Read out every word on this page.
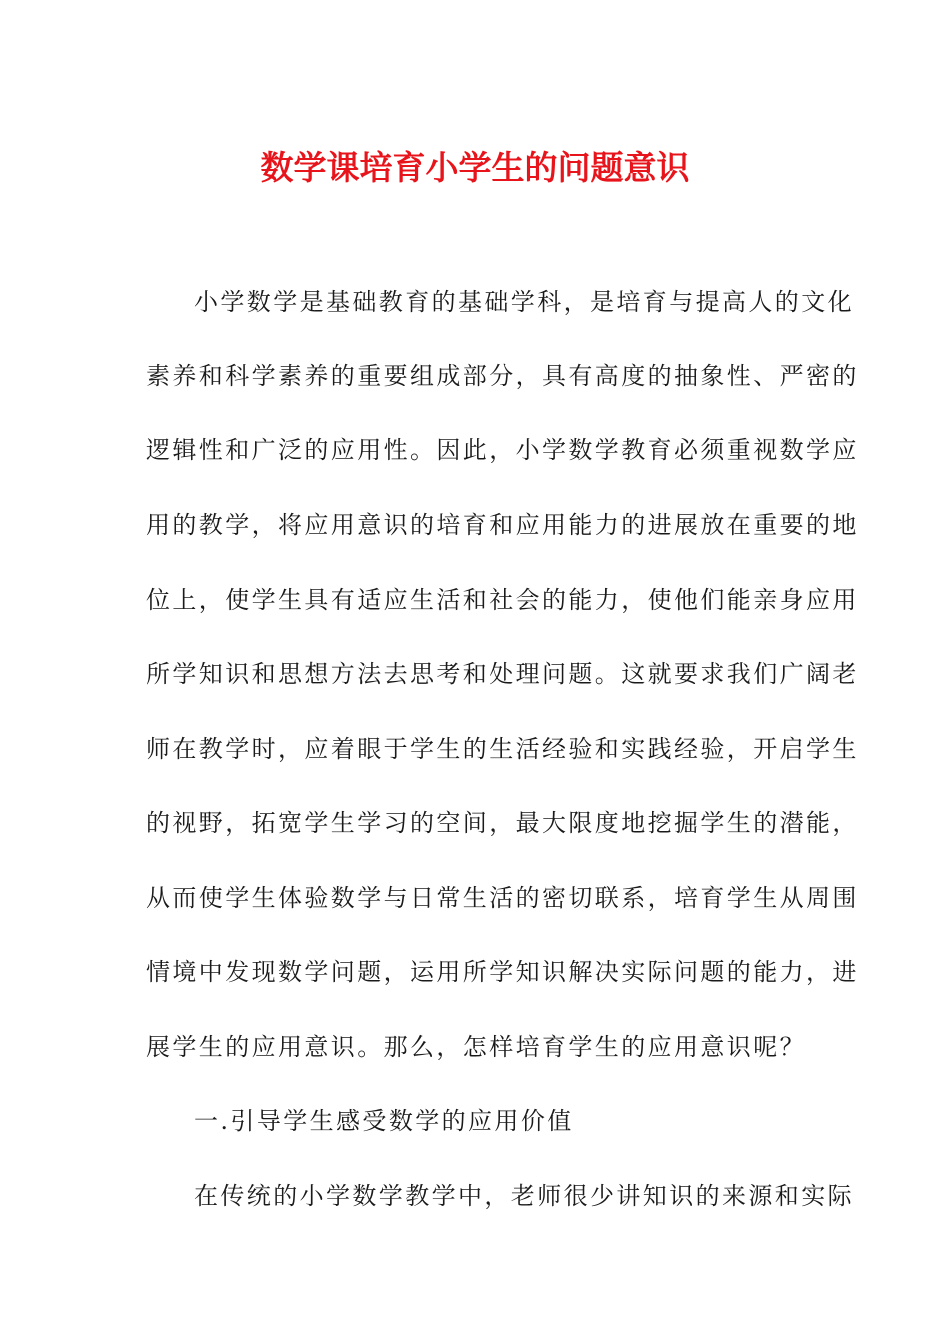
数学课培育小学生的问题意识
小学数学是基础教育的基础学科，是培育与提高人的文化
素养和科学素养的重要组成部分，具有高度的抽象性、严密的
逻辑性和广泛的应用性。因此，小学数学教育必须重视数学应
用的教学，将应用意识的培育和应用能力的进展放在重要的地
位上，使学生具有适应生活和社会的能力，使他们能亲身应用
所学知识和思想方法去思考和处理问题。这就要求我们广阔老
师在教学时，应着眼于学生的生活经验和实践经验，开启学生
的视野，拓宽学生学习的空间，最大限度地挖掘学生的潜能，
从而使学生体验数学与日常生活的密切联系，培育学生从周围
情境中发现数学问题，运用所学知识解决实际问题的能力，进
展学生的应用意识。那么，怎样培育学生的应用意识呢？
一.引导学生感受数学的应用价值
在传统的小学数学教学中，老师很少讲知识的来源和实际
